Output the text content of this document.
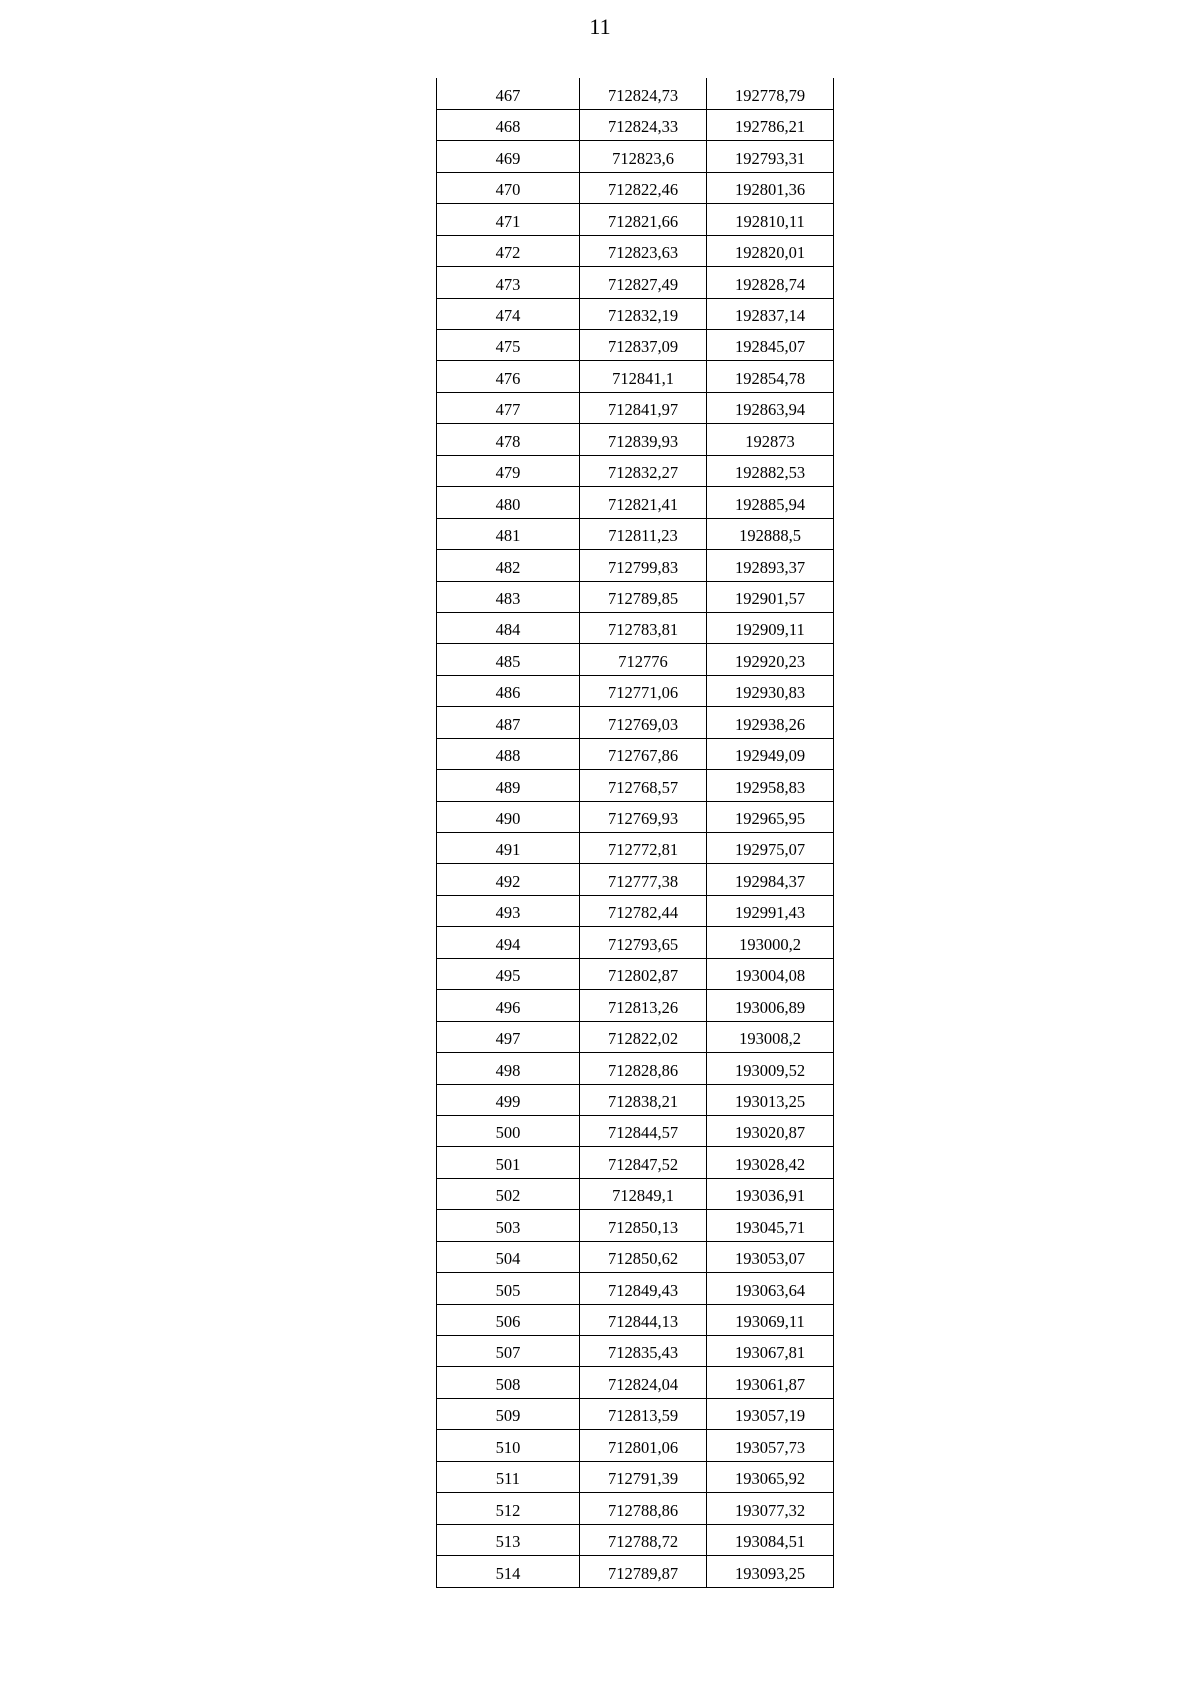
11
467	712824,73	192778,79
468	712824,33	192786,21
469	712823,6	192793,31
470	712822,46	192801,36
471	712821,66	192810,11
472	712823,63	192820,01
473	712827,49	192828,74
474	712832,19	192837,14
475	712837,09	192845,07
476	712841,1	192854,78
477	712841,97	192863,94
478	712839,93	192873
479	712832,27	192882,53
480	712821,41	192885,94
481	712811,23	192888,5
482	712799,83	192893,37
483	712789,85	192901,57
484	712783,81	192909,11
485	712776	192920,23
486	712771,06	192930,83
487	712769,03	192938,26
488	712767,86	192949,09
489	712768,57	192958,83
490	712769,93	192965,95
491	712772,81	192975,07
492	712777,38	192984,37
493	712782,44	192991,43
494	712793,65	193000,2
495	712802,87	193004,08
496	712813,26	193006,89
497	712822,02	193008,2
498	712828,86	193009,52
499	712838,21	193013,25
500	712844,57	193020,87
501	712847,52	193028,42
502	712849,1	193036,91
503	712850,13	193045,71
504	712850,62	193053,07
505	712849,43	193063,64
506	712844,13	193069,11
507	712835,43	193067,81
508	712824,04	193061,87
509	712813,59	193057,19
510	712801,06	193057,73
511	712791,39	193065,92
512	712788,86	193077,32
513	712788,72	193084,51
514	712789,87	193093,25
